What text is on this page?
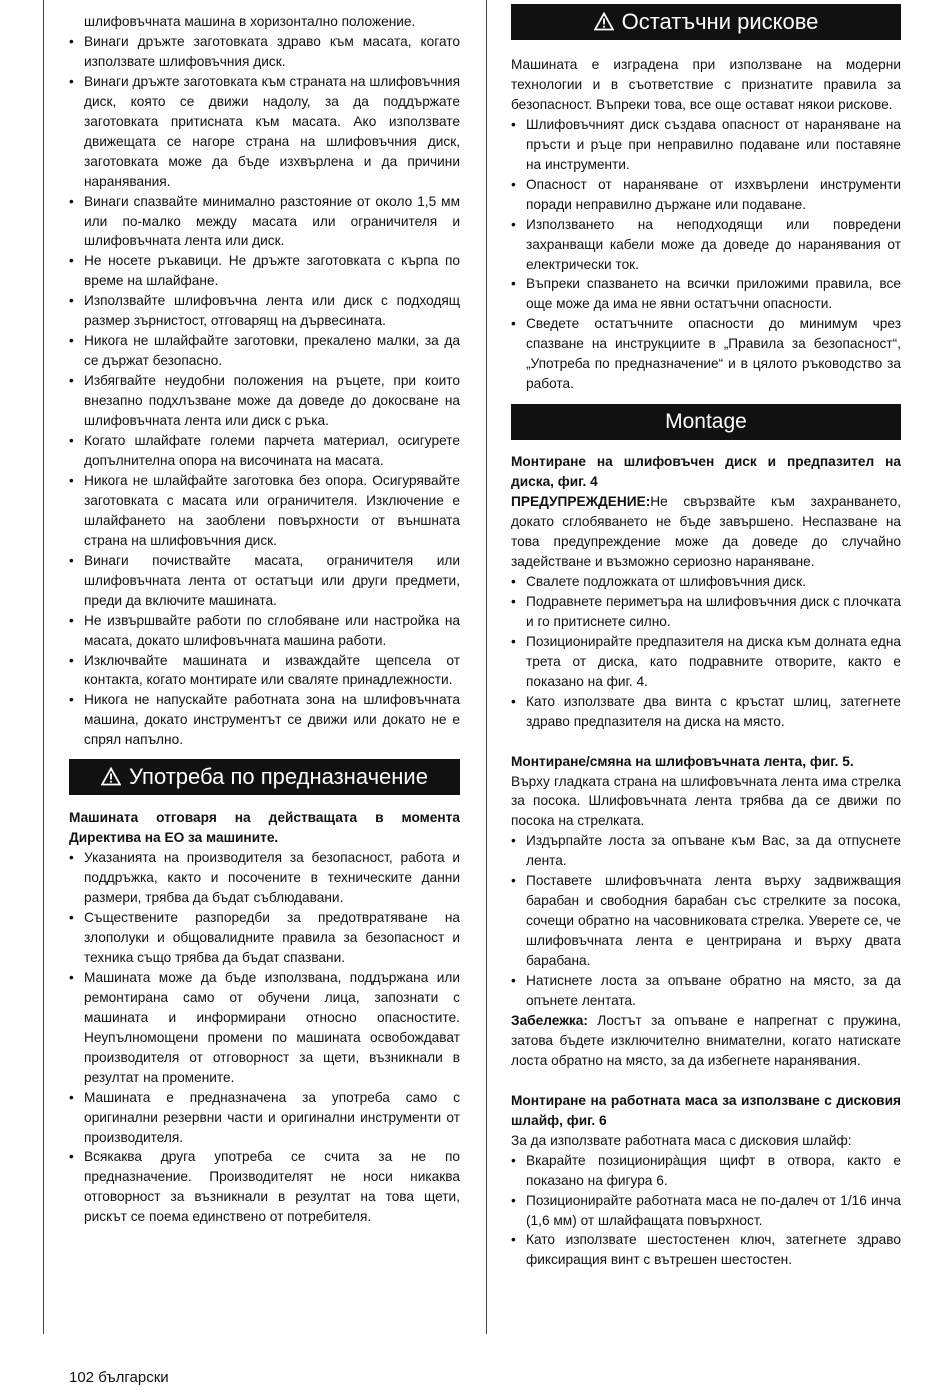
шлифовъчната машина в хоризонтално положение.

• Винаги дръжте заготовката здраво към масата, когато използвате шлифовъчния диск.
• Винаги дръжте заготовката към страната на шлифовъчния диск, която се движи надолу, за да поддържате заготовката притисната към масата. Ако използвате движещата се нагоре страна на шлифовъчния диск, заготовката може да бъде изхвърлена и да причини наранявания.
• Винаги спазвайте минимално разстояние от около 1,5 мм или по-малко между масата или ограничителя и шлифовъчната лента или диск.
• Не носете ръкавици. Не дръжте заготовката с кърпа по време на шлайфане.
• Използвайте шлифовъчна лента или диск с подходящ размер зърнистост, отговарящ на дървесината.
• Никога не шлайфайте заготовки, прекалено малки, за да се държат безопасно.
• Избягвайте неудобни положения на ръцете, при които внезапно подхлъзване може да доведе до докосване на шлифовъчната лента или диск с ръка.
• Когато шлайфате големи парчета материал, осигурете допълнителна опора на височината на масата.
• Никога не шлайфайте заготовка без опора. Осигурявайте заготовката с масата или ограничителя. Изключение е шлайфането на заоблени повърхности от външната страна на шлифовъчния диск.
• Винаги почиствайте масата, ограничителя или шлифовъчната лента от остатъци или други предмети, преди да включите машината.
• Не извършвайте работи по сглобяване или настройка на масата, докато шлифовъчната машина работи.
• Изключвайте машината и изваждайте щепсела от контакта, когато монтирате или сваляте принадлежности.
• Никога не напускайте работната зона на шлифовъчната машина, докато инструментът се движи или докато не е спрял напълно.
Употреба по предназначение

Машината отговаря на действащата в момента Директива на ЕО за машините.

• Указанията на производителя за безопасност, работа и поддръжка, както и посочените в техническите данни размери, трябва да бъдат съблюдавани.
• Съществените разпоредби за предотвратяване на злополуки и общовалидните правила за безопасност и техника също трябва да бъдат спазвани.
• Машината може да бъде използвана, поддържана или ремонтирана само от обучени лица, запознати с машината и информирани относно опасностите. Неупълномощени промени по машината освобождават производителя от отговорност за щети, възникнали в резултат на промените.
• Машината е предназначена за употреба само с оригинални резервни части и оригинални инструменти от производителя.
• Всякаква друга употреба се счита за не по предназначение. Производителят не носи никаква отговорност за възникнали в резултат на това щети, рискът се поема единствено от потребителя.
Остатъчни рискове

Машината е изградена при използване на модерни технологии и в съответствие с признатите правила за безопасност. Въпреки това, все още остават някои рискове.

• Шлифовъчният диск създава опасност от нараняване на пръсти и ръце при неправилно подаване или поставяне на инструменти.
• Опасност от нараняване от изхвърлени инструменти поради неправилно държане или подаване.
• Използването на неподходящи или повредени захранващи кабели може да доведе до наранявания от електрически ток.
• Въпреки спазването на всички приложими правила, все още може да има не явни остатъчни опасности.
• Сведете остатъчните опасности до минимум чрез спазване на инструкциите в „Правила за безопасност“, „Употреба по предназначение“ и в цялото ръководство за работа.
Montage

Монтиране на шлифовъчен диск и предпазител на диска, фиг. 4

ПРЕДУПРЕЖДЕНИЕ:Не свързвайте към захранването, докато сглобяването не бъде завършено. Неспазване на това предупреждение може да доведе до случайно задействане и възможно сериозно нараняване.

• Свалете подложката от шлифовъчния диск.
• Подравнете периметъра на шлифовъчния диск с плочката и го притиснете силно.
• Позиционирайте предпазителя на диска към долната една трета от диска, като подравните отворите, както е показано на фиг. 4.
• Като използвате два винта с кръстат шлиц, затегнете здраво предпазителя на диска на място.

Монтиране/смяна на шлифовъчната лента, фиг. 5.

Върху гладката страна на шлифовъчната лента има стрелка за посока. Шлифовъчната лента трябва да се движи по посока на стрелката.

• Издърпайте лоста за опъване към Вас, за да отпуснете лента.
• Поставете шлифовъчната лента върху задвижващия барабан и свободния барабан със стрелките за посока, сочещи обратно на часовниковата стрелка. Уверете се, че шлифовъчната лента е центрирана и върху двата барабана.
• Натиснете лоста за опъване обратно на място, за да опънете лентата.

Забележка: Лостът за опъване е напрегнат с пружина, затова бъдете изключително внимателни, когато натискате лоста обратно на място, за да избегнете наранявания.

Монтиране на работната маса за използване с дисковия шлайф, фиг. 6

За да използвате работната маса с дисковия шлайф:

• Вкарайте позиционирàщия щифт в отвора, както е показано на фигура 6.
• Позиционирайте работната маса не по-далеч от 1/16 инча (1,6 мм) от шлайфащата повърхност.
• Като използвате шестостенен ключ, затегнете здраво фиксиращия винт с вътрешен шестостен.
102 български
